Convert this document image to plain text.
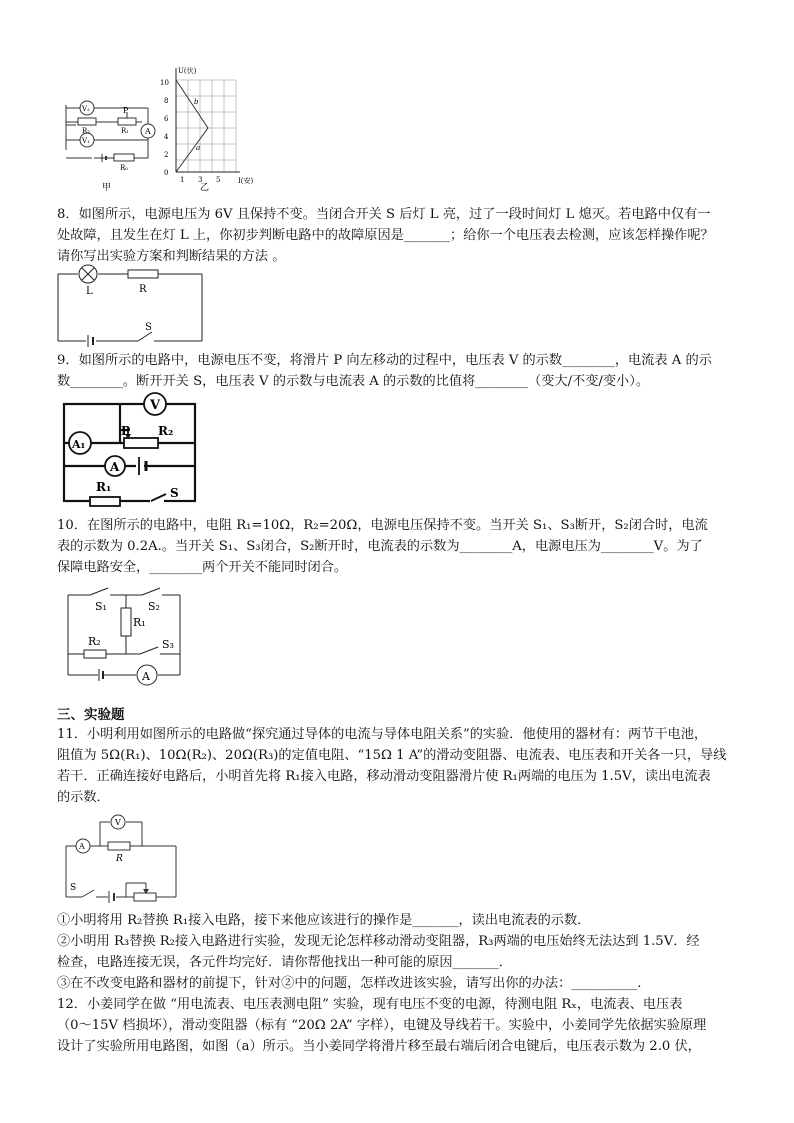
V₂
V₁
A
P
R₁
R₂
R₀
甲
U(伏)
I(安)
0
2
4
6
8
10
1 3 5
b
a
乙
8．如图所示，电源电压为 6V 且保持不变。当闭合开关 S 后灯 L 亮，过了一段时间灯 L 熄灭。若电路中仅有一
处故障，且发生在灯 L 上，你初步判断电路中的故障原因是_______；给你一个电压表去检测，应该怎样操作呢？
请你写出实验方案和判断结果的方法 。
L	R
S
9．如图所示的电路中，电源电压不变，将滑片 P 向左移动的过程中，电压表 V 的示数________，电流表 A 的示
数________。断开开关 S，电压表 V 的示数与电流表 A 的示数的比值将________（变大/不变/变小）。
V
A₁
P R₂
A
R₁	S
10．在图所示的电路中，电阻 R₁=10Ω，R₂=20Ω，电源电压保持不变。当开关 S₁、S₃断开，S₂闭合时，电流
表的示数为 0.2A.。当开关 S₁、S₃闭合，S₂断开时，电流表的示数为________A，电源电压为________V。为了
保障电路安全，________两个开关不能同时闭合。
S₁	S₂
R₁
R₂	S₃
A
三、实验题
11．小明利用如图所示的电路做“探究通过导体的电流与导体电阻关系”的实验．他使用的器材有：两节干电池，
阻值为 5Ω(R₁)、10Ω(R₂)、20Ω(R₃)的定值电阻、“15Ω 1 A”的滑动变阻器、电流表、电压表和开关各一只，导线
若干．正确连接好电路后，小明首先将 R₁接入电路，移动滑动变阻器滑片使 R₁两端的电压为 1.5V，读出电流表
的示数．
A
V
R
S
①小明将用 R₂替换 R₁接入电路，接下来他应该进行的操作是_______，读出电流表的示数．
②小明用 R₃替换 R₂接入电路进行实验，发现无论怎样移动滑动变阻器，R₃两端的电压始终无法达到 1.5V．经
检查，电路连接无误，各元件均完好．请你帮他找出一种可能的原因_______．
③在不改变电路和器材的前提下，针对②中的问题，怎样改进该实验，请写出你的办法：__________.
12．小姜同学在做 “用电流表、电压表测电阻” 实验，现有电压不变的电源，待测电阻 Rₓ，电流表、电压表
（0～15V 档损坏），滑动变阻器（标有 “20Ω 2A” 字样），电键及导线若干。实验中，小姜同学先依据实验原理
设计了实验所用电路图，如图（a）所示。当小姜同学将滑片移至最右端后闭合电键后，电压表示数为 2.0 伏，
